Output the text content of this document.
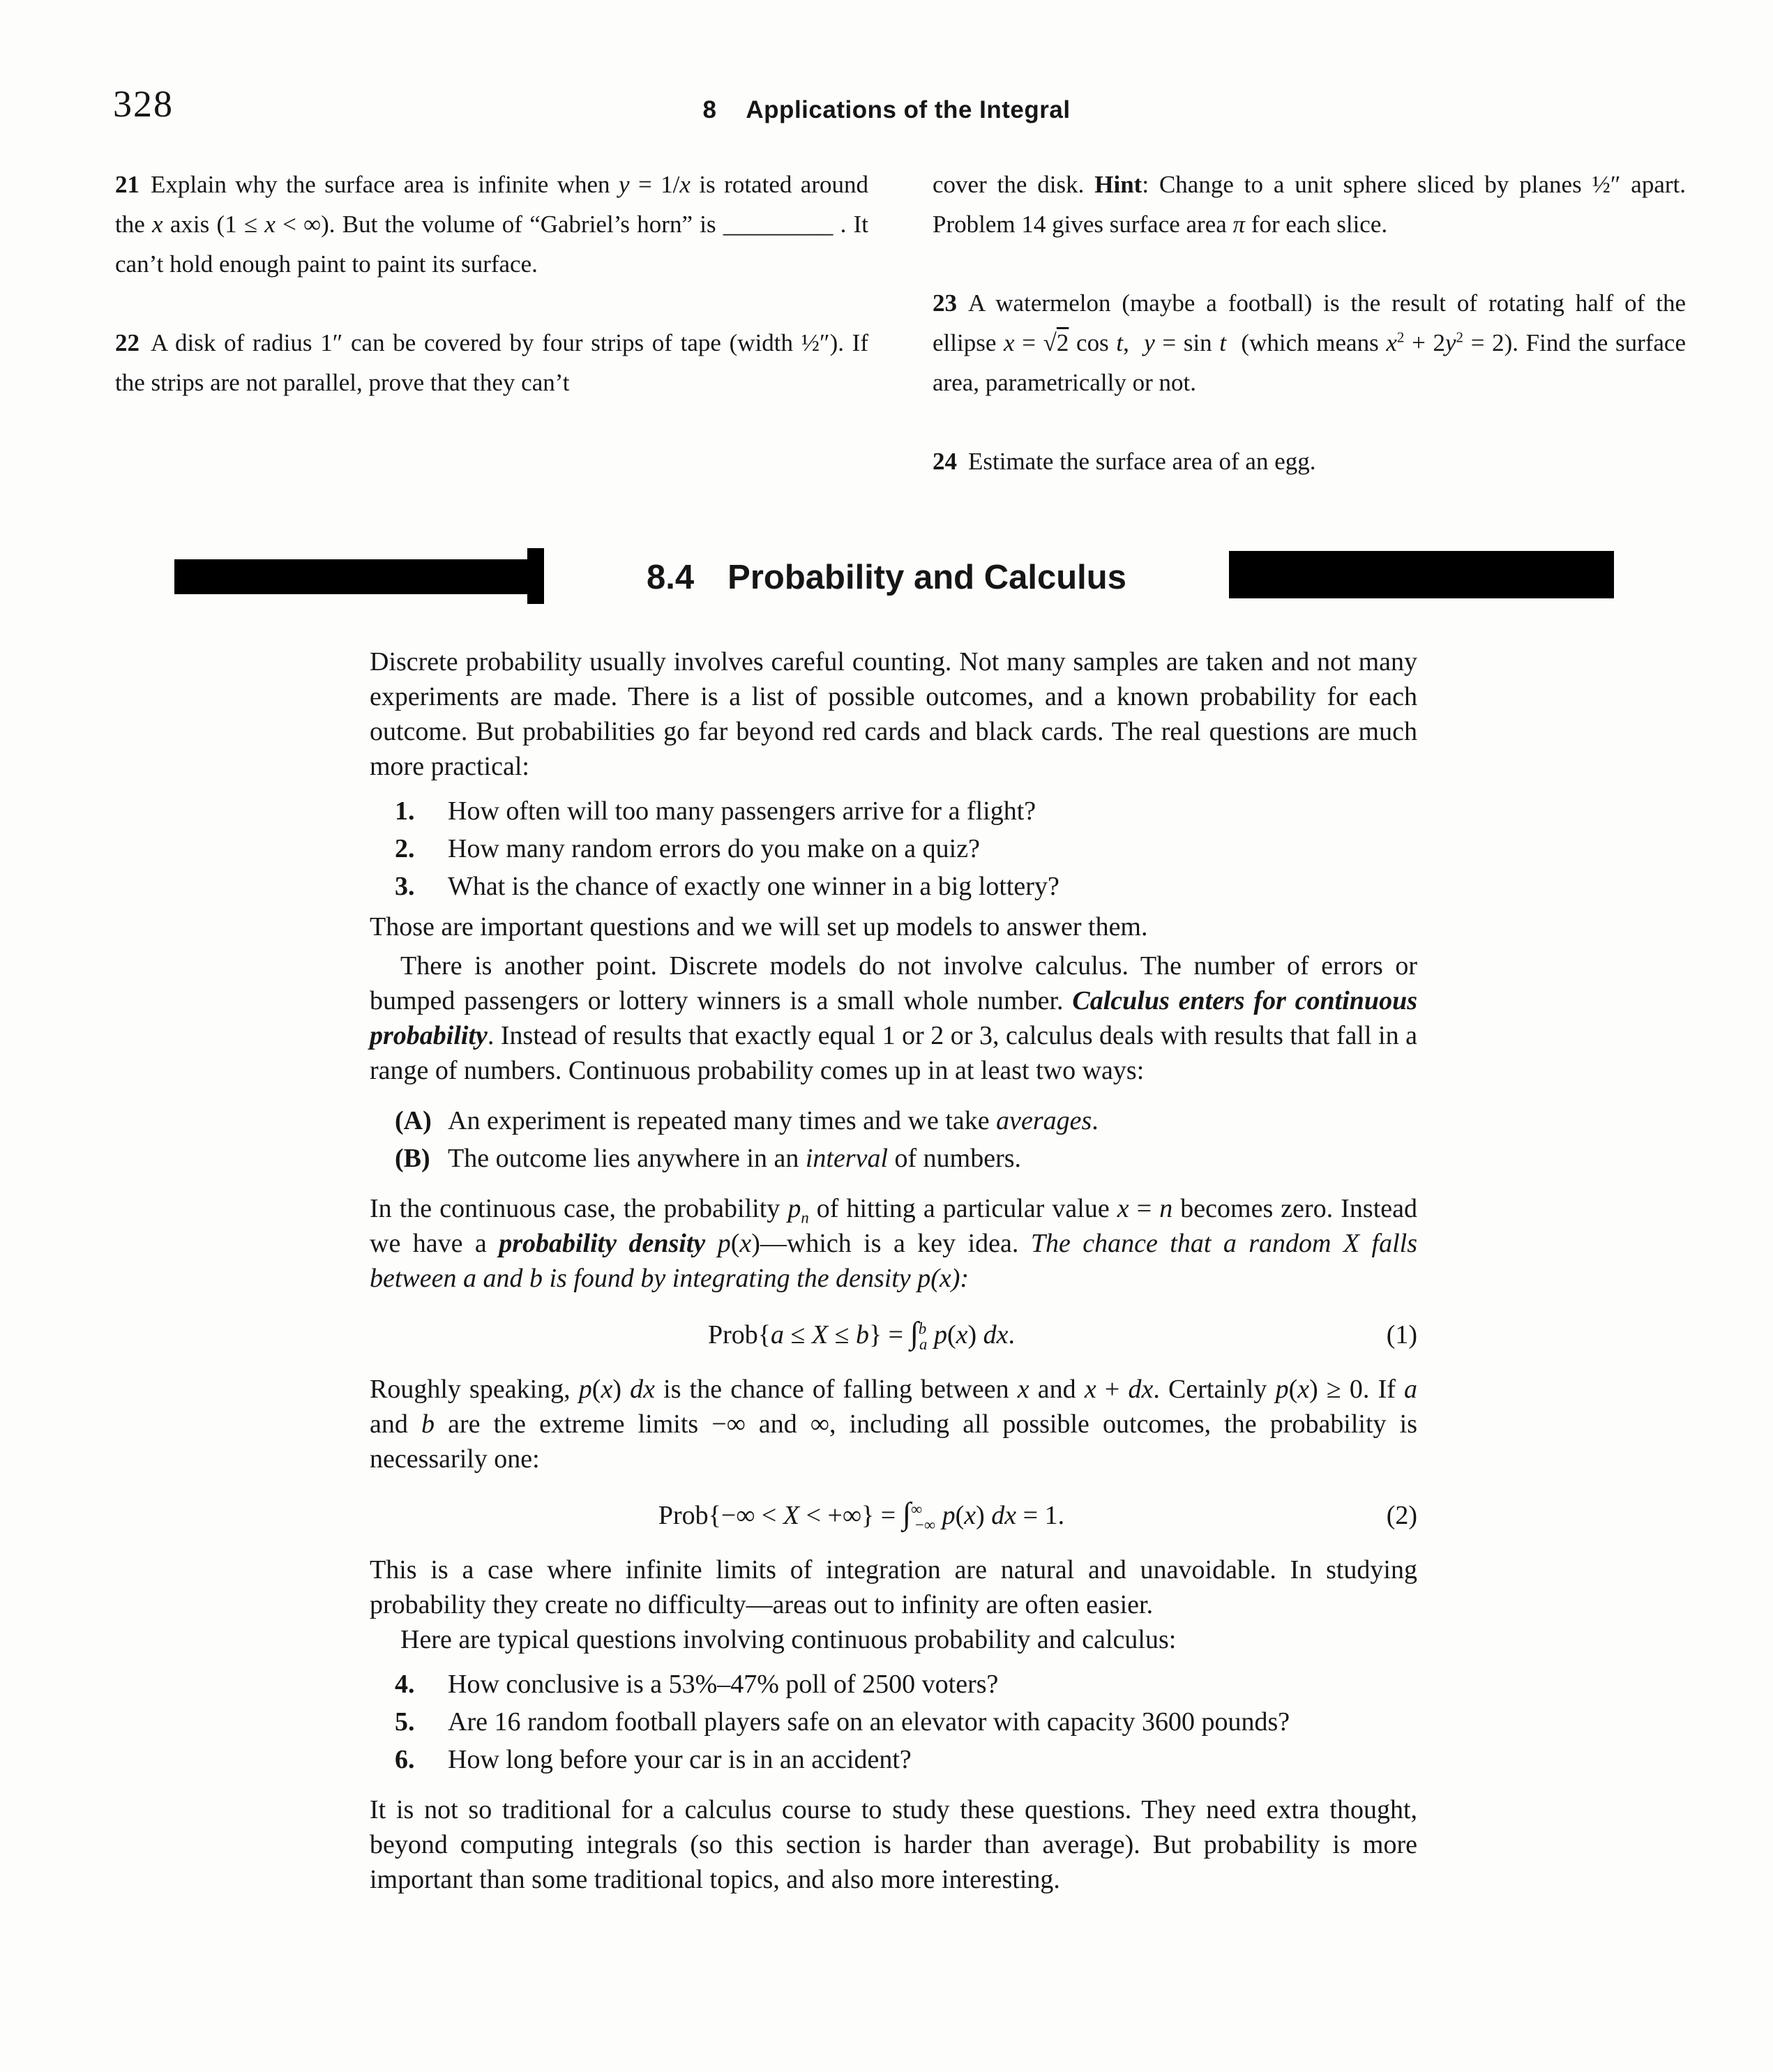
328	8 Applications of the Integral

21 Explain why the surface area is infinite when y = 1/x is rotated around the x axis (1 ≤ x < ∞). But the volume of “Gabriel’s horn” is _________ . It can’t hold enough paint to paint its surface.

22 A disk of radius 1″ can be covered by four strips of tape (width ½″). If the strips are not parallel, prove that they can’t

cover the disk. Hint: Change to a unit sphere sliced by planes ½″ apart. Problem 14 gives surface area π for each slice.

23 A watermelon (maybe a football) is the result of rotating half of the ellipse x = √2 cos t,  y = sin t  (which means $x^2 + 2y^2 = 2$). Find the surface area, parametrically or not.

24 Estimate the surface area of an egg.

8.4 Probability and Calculus

Discrete probability usually involves careful counting. Not many samples are taken and not many experiments are made. There is a list of possible outcomes, and a known probability for each outcome. But probabilities go far beyond red cards and black cards. The real questions are much more practical:

1. How often will too many passengers arrive for a flight?
2. How many random errors do you make on a quiz?
3. What is the chance of exactly one winner in a big lottery?

Those are important questions and we will set up models to answer them.

There is another point. Discrete models do not involve calculus. The number of errors or bumped passengers or lottery winners is a small whole number. Calculus enters for continuous probability. Instead of results that exactly equal 1 or 2 or 3, calculus deals with results that fall in a range of numbers. Continuous probability comes up in at least two ways:

(A) An experiment is repeated many times and we take averages.
(B) The outcome lies anywhere in an interval of numbers.

In the continuous case, the probability $p_n$ of hitting a particular value x = n becomes zero. Instead we have a probability density p(x)—which is a key idea. The chance that a random X falls between a and b is found by integrating the density p(x):

Prob{a ≤ X ≤ b} = ∫$^b_a$ p(x) dx.	(1)

Roughly speaking, p(x) dx is the chance of falling between x and x + dx. Certainly p(x) ≥ 0. If a and b are the extreme limits −∞ and ∞, including all possible outcomes, the probability is necessarily one:

Prob{−∞ < X < +∞} = $\int^\infty_{-\infty}$ p(x) dx = 1.	(2)

This is a case where infinite limits of integration are natural and unavoidable. In studying probability they create no difficulty—areas out to infinity are often easier.

Here are typical questions involving continuous probability and calculus:

4. How conclusive is a 53%–47% poll of 2500 voters?
5. Are 16 random football players safe on an elevator with capacity 3600 pounds?
6. How long before your car is in an accident?

It is not so traditional for a calculus course to study these questions. They need extra thought, beyond computing integrals (so this section is harder than average). But probability is more important than some traditional topics, and also more interesting.
